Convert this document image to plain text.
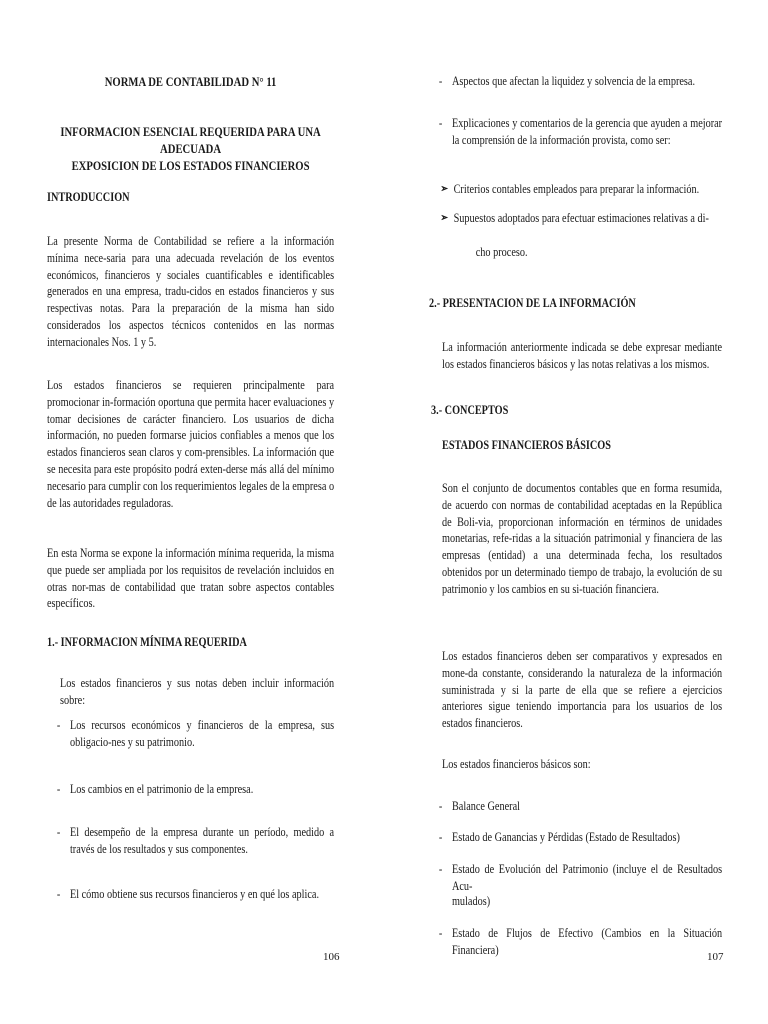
NORMA DE CONTABILIDAD N° 11

INFORMACION ESENCIAL REQUERIDA PARA UNA ADECUADA

EXPOSICION DE LOS ESTADOS FINANCIEROS

INTRODUCCION

La presente Norma de Contabilidad se refiere a la información mínima nece-saria para una adecuada revelación de los eventos económicos, financieros y sociales cuantificables e identificables generados en una empresa, tradu-cidos en estados financieros y sus respectivas notas. Para la preparación de la misma han sido considerados los aspectos técnicos contenidos en las normas internacionales Nos. 1 y 5.

Los estados financieros se requieren principalmente para promocionar in-formación oportuna que permita hacer evaluaciones y tomar decisiones de carácter financiero. Los usuarios de dicha información, no pueden formarse juicios confiables a menos que los estados financieros sean claros y com-prensibles. La información que se necesita para este propósito podrá exten-derse más allá del mínimo necesario para cumplir con los requerimientos legales de la empresa o de las autoridades reguladoras.

En esta Norma se expone la información mínima requerida, la misma que puede ser ampliada por los requisitos de revelación incluidos en otras nor-mas de contabilidad que tratan sobre aspectos contables específicos.

1.- INFORMACION MÍNIMA REQUERIDA

Los estados financieros y sus notas deben incluir información sobre:

- Los recursos económicos y financieros de la empresa, sus obligacio-nes y su patrimonio.

- Los cambios en el patrimonio de la empresa.

- El desempeño de la empresa durante un período, medido a través de los resultados y sus componentes.

- El cómo obtiene sus recursos financieros y en qué los aplica.

106

- Aspectos que afectan la liquidez y solvencia de la empresa.

- Explicaciones y comentarios de la gerencia que ayuden a mejorar la comprensión de la información provista, como ser:

➢ Criterios contables empleados para preparar la información.

➢ Supuestos adoptados para efectuar estimaciones relativas a di-

cho proceso.

2.- PRESENTACION DE LA INFORMACIÓN

La información anteriormente indicada se debe expresar mediante los estados financieros básicos y las notas relativas a los mismos.

3.- CONCEPTOS

ESTADOS FINANCIEROS BÁSICOS

Son el conjunto de documentos contables que en forma resumida, de acuerdo con normas de contabilidad aceptadas en la República de Boli-via, proporcionan información en términos de unidades monetarias, refe-ridas a la situación patrimonial y financiera de las empresas (entidad) a una determinada fecha, los resultados obtenidos por un determinado tiempo de trabajo, la evolución de su patrimonio y los cambios en su si-tuación financiera.

Los estados financieros deben ser comparativos y expresados en mone-da constante, considerando la naturaleza de la información suministrada y si la parte de ella que se refiere a ejercicios anteriores sigue teniendo importancia para los usuarios de los estados financieros.

Los estados financieros básicos son:

- Balance General

- Estado de Ganancias y Pérdidas (Estado de Resultados)

- Estado de Evolución del Patrimonio (incluye el de Resultados Acu-

mulados)

- Estado de Flujos de Efectivo (Cambios en la Situación Financiera)

107
